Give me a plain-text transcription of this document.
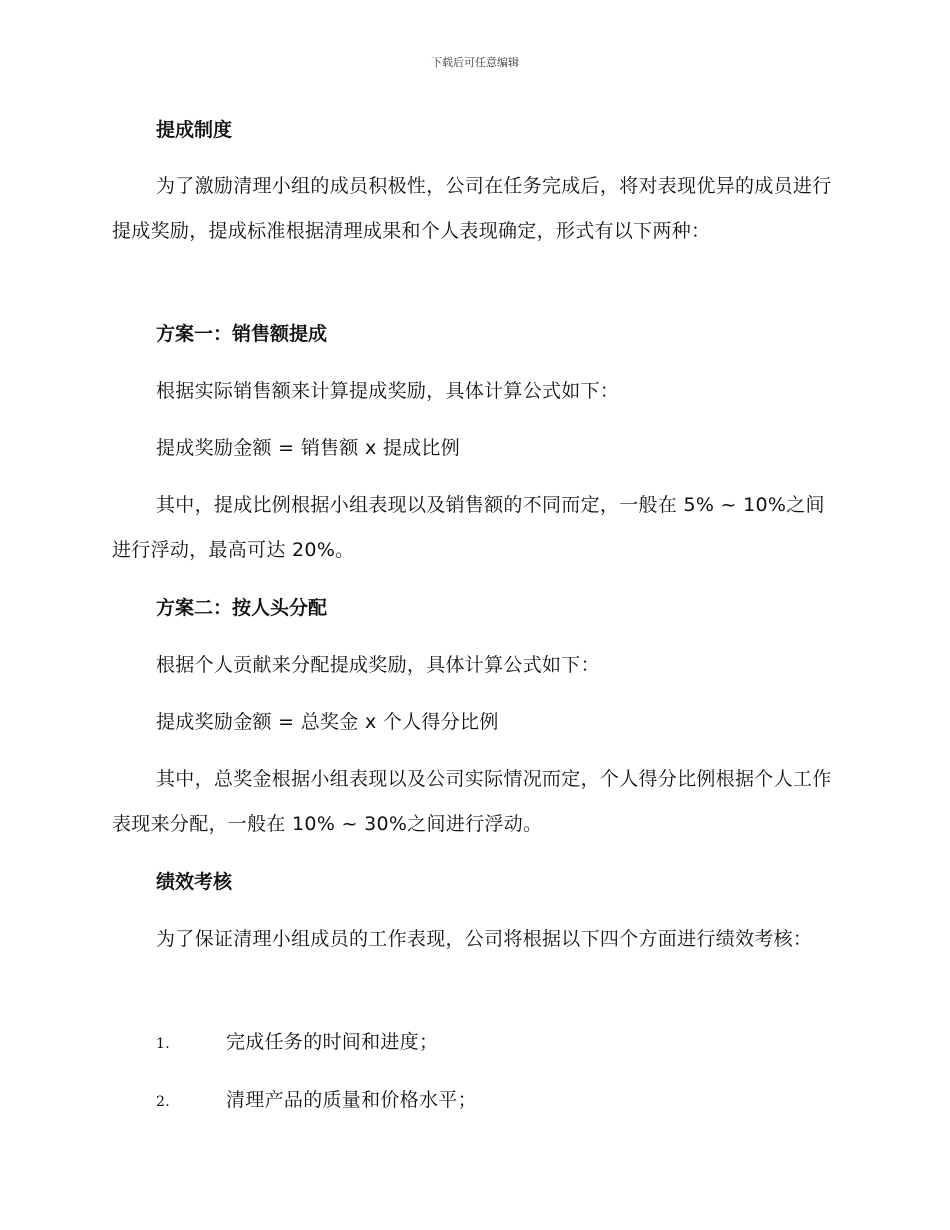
下载后可任意编辑
提成制度
为了激励清理小组的成员积极性，公司在任务完成后，将对表现优异的成员进行提成奖励，提成标准根据清理成果和个人表现确定，形式有以下两种：
方案一：销售额提成
根据实际销售额来计算提成奖励，具体计算公式如下：
提成奖励金额 = 销售额 x 提成比例
其中，提成比例根据小组表现以及销售额的不同而定，一般在 5% ~ 10%之间进行浮动，最高可达 20%。
方案二：按人头分配
根据个人贡献来分配提成奖励，具体计算公式如下：
提成奖励金额 = 总奖金 x 个人得分比例
其中，总奖金根据小组表现以及公司实际情况而定，个人得分比例根据个人工作表现来分配，一般在 10% ~ 30%之间进行浮动。
绩效考核
为了保证清理小组成员的工作表现，公司将根据以下四个方面进行绩效考核：
1.	完成任务的时间和进度；
2.	清理产品的质量和价格水平；
